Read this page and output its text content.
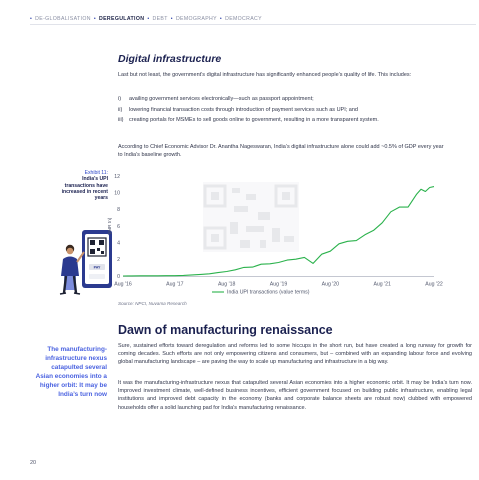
• DE-GLOBALISATION • DEREGULATION • DEBT • DEMOGRAPHY • DEMOCRACY
Digital infrastructure
Last but not least, the government’s digital infrastructure has significantly enhanced people’s quality of life. This includes:
i) availing government services electronically—such as passport appointment;
ii) lowering financial transaction costs through introduction of payment services such as UPI; and
iii) creating portals for MSMEs to sell goods online to government, resulting in a more transparent system.
According to Chief Economic Advisor Dr. Anantha Nageswaran, India’s digital infrastructure alone could add ~0.5% of GDP every year to India’s baseline growth.
Exhibit 11:
India’s UPI transactions have increased in recent years
PAY
0
2
4
6
8
10
12
Aug '16	Aug '17	Aug '18	Aug '19	Aug '20	Aug '21	Aug '22
India UPI transactions (value terms)
(INR tn)
Source: NPCI, Nuvama Research
Dawn of manufacturing renaissance
Sure, sustained efforts toward deregulation and reforms led to some hiccups in the short run, but have created a long runway for growth for coming decades. Such efforts are not only empowering citizens and consumers, but – combined with an expanding labour force and evolving global manufacturing landscape – are paving the way to scale up manufacturing and infrastructure in a big way.
It was the manufacturing-infrastructure nexus that catapulted several Asian economies into a higher economic orbit. It may be India’s turn now. Improved investment climate, well-defined business incentives, efficient government focused on building public infrastructure, enabling legal institutions and improved debt capacity in the economy (banks and corporate balance sheets are robust now) clubbed with empowered households offer a solid launching pad for India’s manufacturing renaissance.
The manufacturing-infrastructure nexus catapulted several Asian economies into a higher orbit: It may be India’s turn now
20
